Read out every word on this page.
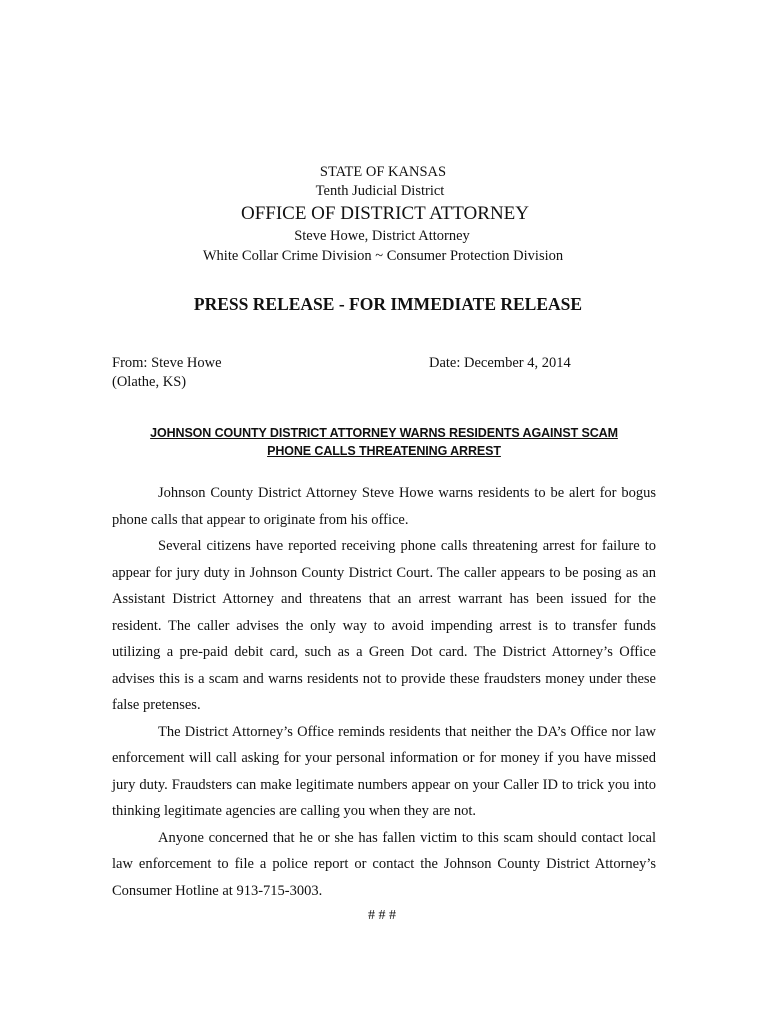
STATE OF KANSAS
Tenth Judicial District
OFFICE OF DISTRICT ATTORNEY
Steve Howe, District Attorney
White Collar Crime Division ~ Consumer Protection Division
PRESS RELEASE - FOR IMMEDIATE RELEASE
From: Steve Howe
(Olathe, KS)
Date: December 4, 2014
JOHNSON COUNTY DISTRICT ATTORNEY WARNS RESIDENTS AGAINST SCAM
PHONE CALLS THREATENING ARREST

Johnson County District Attorney Steve Howe warns residents to be alert for bogus phone calls that appear to originate from his office.

Several citizens have reported receiving phone calls threatening arrest for failure to appear for jury duty in Johnson County District Court. The caller appears to be posing as an Assistant District Attorney and threatens that an arrest warrant has been issued for the resident. The caller advises the only way to avoid impending arrest is to transfer funds utilizing a pre-paid debit card, such as a Green Dot card. The District Attorney’s Office advises this is a scam and warns residents not to provide these fraudsters money under these false pretenses.

The District Attorney’s Office reminds residents that neither the DA’s Office nor law enforcement will call asking for your personal information or for money if you have missed jury duty. Fraudsters can make legitimate numbers appear on your Caller ID to trick you into thinking legitimate agencies are calling you when they are not.

Anyone concerned that he or she has fallen victim to this scam should contact local law enforcement to file a police report or contact the Johnson County District Attorney’s Consumer Hotline at 913-715-3003.

# # #
